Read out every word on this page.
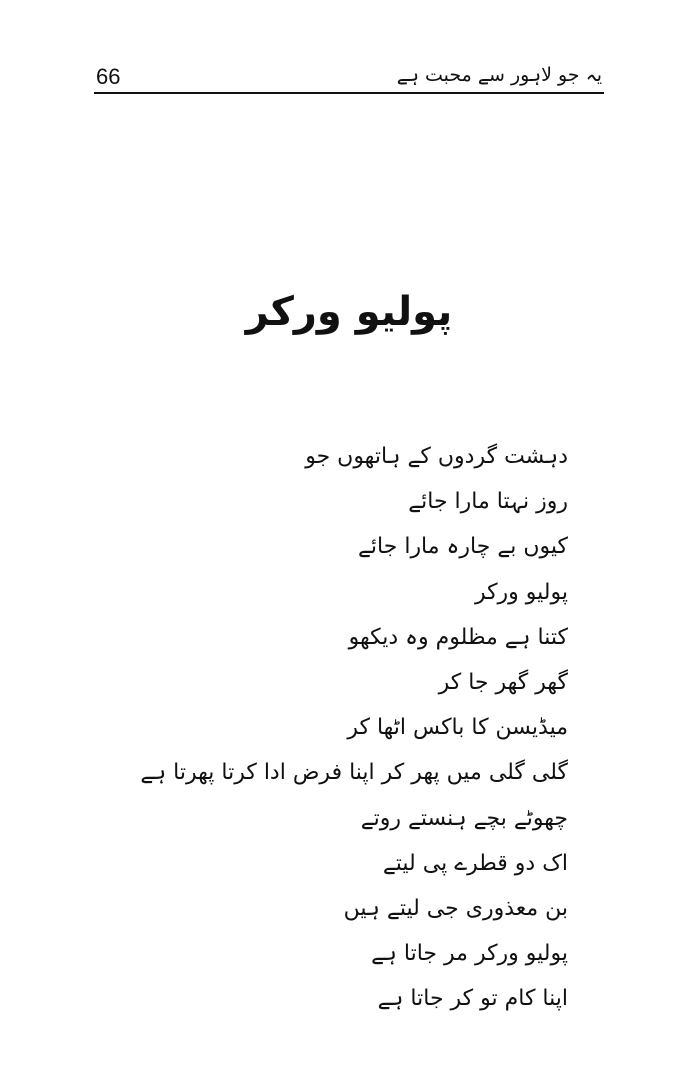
66	یہ جو لاہور سے محبت ہے
پولیو ورکر
دہشت گردوں کے ہاتھوں جو
روز نہتا مارا جائے
کیوں بے چارہ مارا جائے
پولیو ورکر
کتنا ہے مظلوم وہ دیکھو
گھر گھر جا کر
میڈیسن کا باکس اٹھا کر
گلی گلی میں پھر کر اپنا فرض ادا کرتا پھرتا ہے
چھوٹے بچے ہنستے روتے
اک دو قطرے پی لیتے
بن معذوری جی لیتے ہیں
پولیو ورکر مر جاتا ہے
اپنا کام تو کر جاتا ہے
